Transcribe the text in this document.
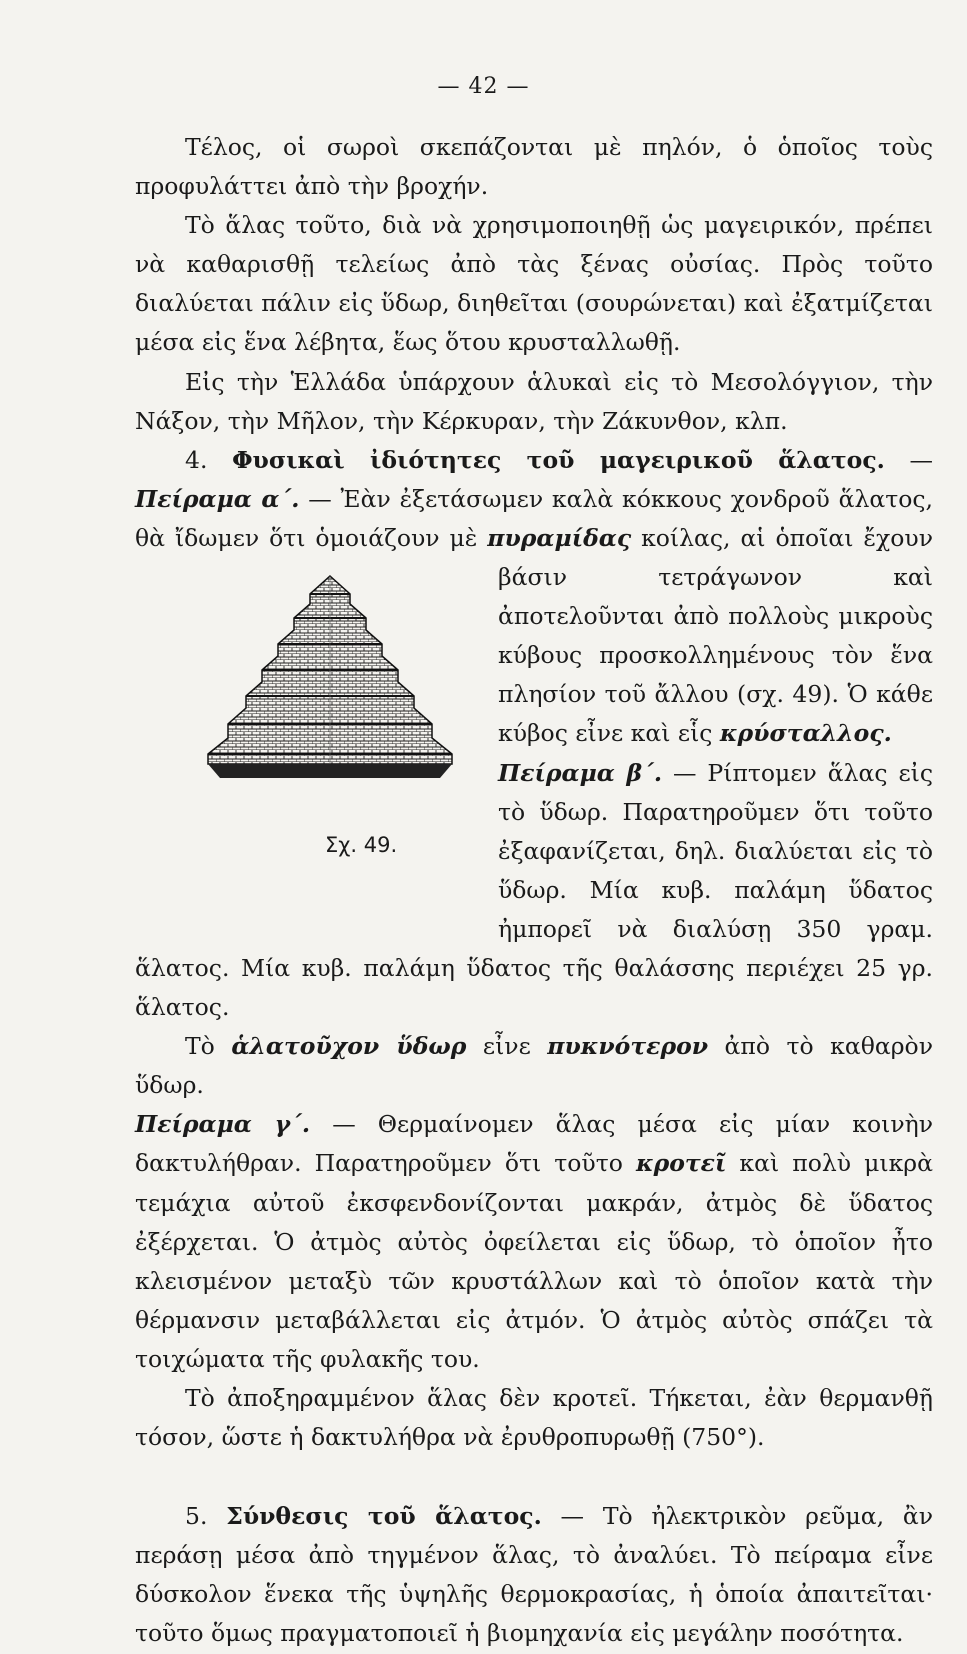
— 42 —

Τέλος, οἱ σωροὶ σκεπάζονται μὲ πηλόν, ὁ ὁποῖος τοὺς προφυλάττει ἀπὸ τὴν βροχήν.

Τὸ ἅλας τοῦτο, διὰ νὰ χρησιμοποιηθῇ ὡς μαγειρικόν, πρέπει νὰ καθαρισθῇ τελείως ἀπὸ τὰς ξένας οὐσίας. Πρὸς τοῦτο διαλύεται πάλιν εἰς ὕδωρ, διηθεῖται (σουρώνεται) καὶ ἐξατμίζεται μέσα εἰς ἕνα λέβητα, ἕως ὅτου κρυσταλλωθῇ.

Εἰς τὴν Ἑλλάδα ὑπάρχουν ἁλυκαὶ εἰς τὸ Μεσολόγγιον, τὴν Νάξον, τὴν Μῆλον, τὴν Κέρκυραν, τὴν Ζάκυνθον, κλπ.

4. Φυσικαὶ ἰδιότητες τοῦ μαγειρικοῦ ἅλατος. — Πείραμα α΄. — Ἐὰν ἐξετάσωμεν καλὰ κόκκους χονδροῦ ἅλατος, θὰ ἴδωμεν ὅτι ὁμοιάζουν μὲ πυραμίδας
Σχ. 49.
κοίλας, αἱ ὁποῖαι ἔχουν βάσιν τετράγωνον καὶ ἀποτελοῦνται ἀπὸ πολλοὺς μικροὺς κύβους προσκολλημένους τὸν ἕνα πλησίον τοῦ ἄλλου (σχ. 49). Ὁ κάθε κύβος εἶνε καὶ εἷς κρύσταλλος.
Πείραμα β΄. — Ρίπτομεν ἅλας εἰς τὸ ὕδωρ. Παρατηροῦμεν ὅτι τοῦτο ἐξαφανίζεται, δηλ. διαλύεται εἰς τὸ ὕδωρ. Μία κυβ. παλάμη ὕδατος ἠμπορεῖ νὰ διαλύσῃ 350 γραμ. ἅλατος. Μία κυβ. παλάμη ὕδατος τῆς θαλάσσης περιέχει 25 γρ. ἅλατος.

Τὸ ἁλατοῦχον ὕδωρ εἶνε πυκνότερον ἀπὸ τὸ καθαρὸν ὕδωρ.

Πείραμα γ΄. — Θερμαίνομεν ἅλας μέσα εἰς μίαν κοινὴν δακτυλήθραν. Παρατηροῦμεν ὅτι τοῦτο κροτεῖ καὶ πολὺ μικρὰ τεμάχια αὐτοῦ ἐκσφενδονίζονται μακράν, ἀτμὸς δὲ ὕδατος ἐξέρχεται. Ὁ ἀτμὸς αὐτὸς ὀφείλεται εἰς ὕδωρ, τὸ ὁποῖον ἦτο κλεισμένον μεταξὺ τῶν κρυστάλλων καὶ τὸ ὁποῖον κατὰ τὴν θέρμανσιν μεταβάλλεται εἰς ἀτμόν. Ὁ ἀτμὸς αὐτὸς σπάζει τὰ τοιχώματα τῆς φυλακῆς του.

Τὸ ἀποξηραμμένον ἅλας δὲν κροτεῖ. Τήκεται, ἐὰν θερμανθῇ τόσον, ὥστε ἡ δακτυλήθρα νὰ ἐρυθροπυρωθῇ (750°).

5. Σύνθεσις τοῦ ἅλατος. — Τὸ ἠλεκτρικὸν ρεῦμα, ἂν περάσῃ μέσα ἀπὸ τηγμένον ἅλας, τὸ ἀναλύει. Τὸ πείραμα εἶνε δύσκολον ἕνεκα τῆς ὑψηλῆς θερμοκρασίας, ἡ ὁποία ἀπαιτεῖται· τοῦτο ὅμως πραγματοποιεῖ ἡ βιομηχανία εἰς μεγάλην ποσότητα.
